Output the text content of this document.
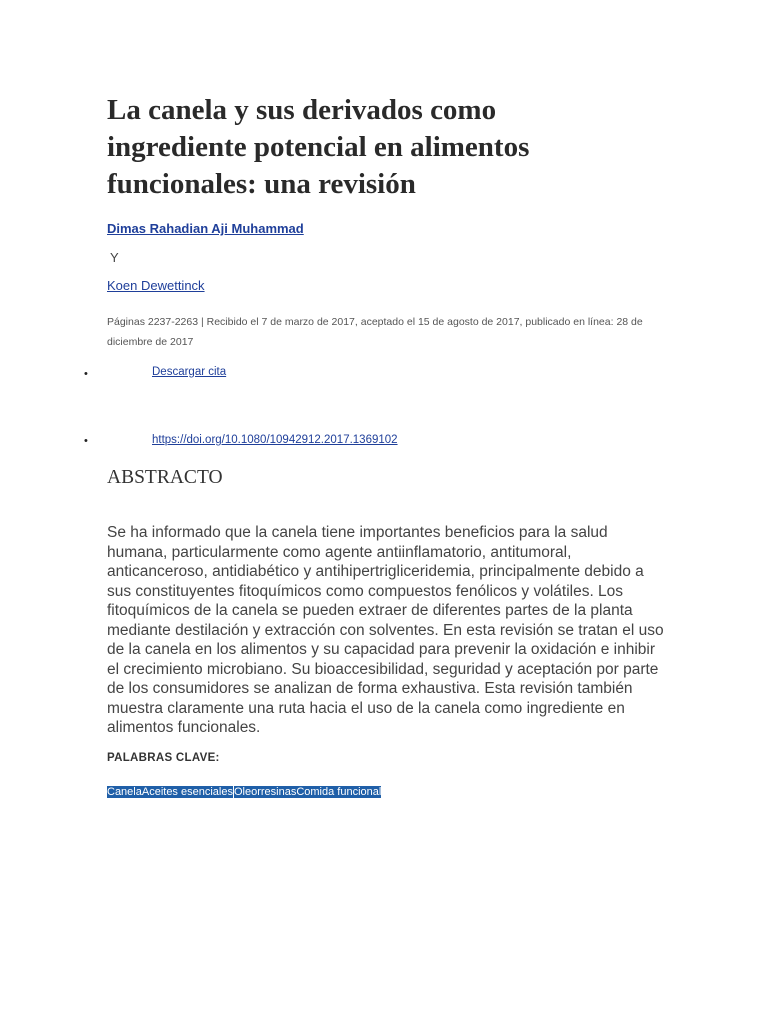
La canela y sus derivados como ingrediente potencial en alimentos funcionales: una revisión
Dimas Rahadian Aji Muhammad
Y
Koen Dewettinck
Páginas 2237-2263 | Recibido el 7 de marzo de 2017, aceptado el 15 de agosto de 2017, publicado en línea: 28 de diciembre de 2017
•	Descargar cita
•	https://doi.org/10.1080/10942912.2017.1369102
ABSTRACTO

Se ha informado que la canela tiene importantes beneficios para la salud humana, particularmente como agente antiinflamatorio, antitumoral, anticanceroso, antidiabético y antihipertrigliceridemia, principalmente debido a sus constituyentes fitoquímicos como compuestos fenólicos y volátiles. Los fitoquímicos de la canela se pueden extraer de diferentes partes de la planta mediante destilación y extracción con solventes. En esta revisión se tratan el uso de la canela en los alimentos y su capacidad para prevenir la oxidación e inhibir el crecimiento microbiano. Su bioaccesibilidad, seguridad y aceptación por parte de los consumidores se analizan de forma exhaustiva. Esta revisión también muestra claramente una ruta hacia el uso de la canela como ingrediente en alimentos funcionales.

PALABRAS CLAVE:
CanelaAceites esencialesOleorresinasComida funcional
